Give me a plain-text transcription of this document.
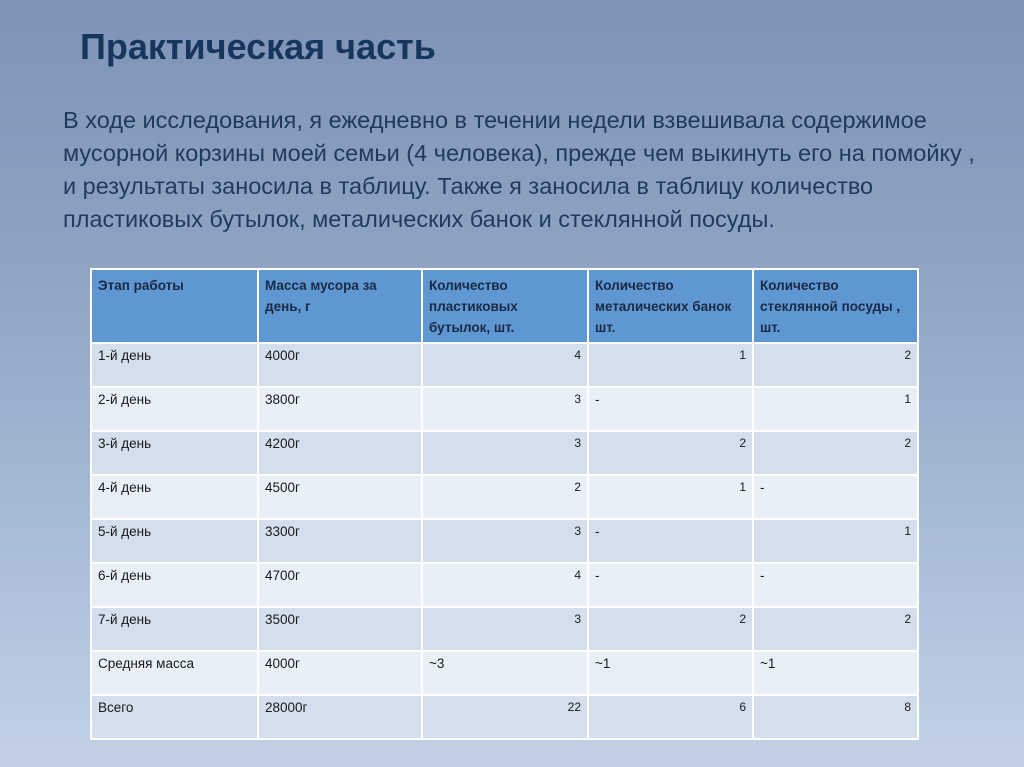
Практическая часть

В ходе исследования, я ежедневно в течении недели взвешивала содержимое мусорной корзины моей семьи (4 человека), прежде чем выкинуть его на помойку , и результаты заносила в таблицу. Также я заносила в таблицу количество пластиковых бутылок, металических банок и стеклянной посуды.

Этап работы	Масса мусора за день, г	Количество пластиковых бутылок, шт.	Количество металических банок шт.	Количество стеклянной посуды , шт.
1-й день	4000г	4	1	2
2-й день	3800г	3	-	1
3-й день	4200г	3	2	2
4-й день	4500г	2	1	-
5-й день	3300г	3	-	1
6-й день	4700г	4	-	-
7-й день	3500г	3	2	2
Средняя масса	4000г	~3	~1	~1
Всего	28000г	22	6	8
